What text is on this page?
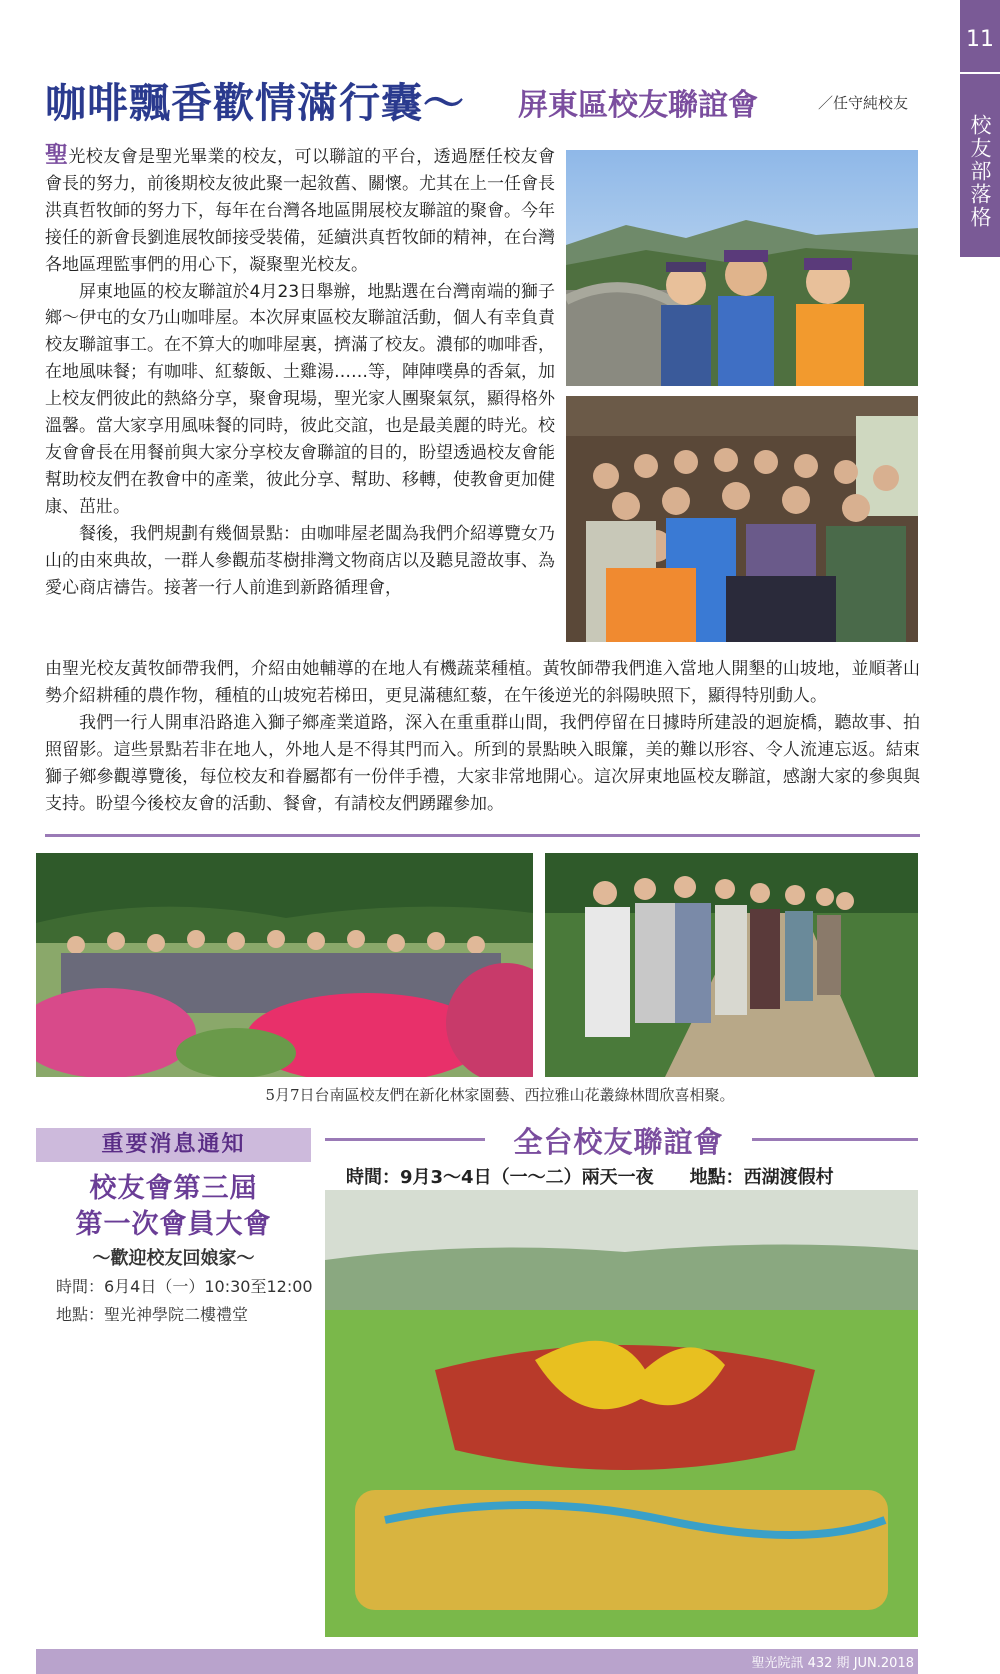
11
校友部落格
咖啡飄香歡情滿行囊～ 屏東區校友聯誼會	／任守純校友

聖光校友會是聖光畢業的校友，可以聯誼的平台，透過歷任校友會會長的努力，前後期校友彼此聚一起敘舊、關懷。尤其在上一任會長洪真哲牧師的努力下，每年在台灣各地區開展校友聯誼的聚會。今年接任的新會長劉進展牧師接受裝備，延續洪真哲牧師的精神，在台灣各地區理監事們的用心下，凝聚聖光校友。

屏東地區的校友聯誼於4月23日舉辦，地點選在台灣南端的獅子鄉～伊屯的女乃山咖啡屋。本次屏東區校友聯誼活動，個人有幸負責校友聯誼事工。在不算大的咖啡屋裏，擠滿了校友。濃郁的咖啡香，在地風味餐；有咖啡、紅藜飯、土雞湯……等，陣陣噗鼻的香氣，加上校友們彼此的熱絡分享，聚會現場，聖光家人團聚氣氛，顯得格外溫馨。當大家享用風味餐的同時，彼此交誼，也是最美麗的時光。校友會會長在用餐前與大家分享校友會聯誼的目的，盼望透過校友會能幫助校友們在教會中的產業，彼此分享、幫助、移轉，使教會更加健康、茁壯。

餐後，我們規劃有幾個景點：由咖啡屋老闆為我們介紹導覽女乃山的由來典故，一群人參觀茄苳樹排灣文物商店以及聽見證故事、為愛心商店禱告。接著一行人前進到新路循理會，

由聖光校友黃牧師帶我們，介紹由她輔導的在地人有機蔬菜種植。黃牧師帶我們進入當地人開墾的山坡地，並順著山勢介紹耕種的農作物，種植的山坡宛若梯田，更見滿穗紅藜，在午後逆光的斜陽映照下，顯得特別動人。

我們一行人開車沿路進入獅子鄉產業道路，深入在重重群山間，我們停留在日據時所建設的迴旋橋，聽故事、拍照留影。這些景點若非在地人，外地人是不得其門而入。所到的景點映入眼簾，美的難以形容、令人流連忘返。結束獅子鄉參觀導覽後，每位校友和眷屬都有一份伴手禮，大家非常地開心。這次屏東地區校友聯誼，感謝大家的參與與支持。盼望今後校友會的活動、餐會，有請校友們踴躍參加。

5月7日台南區校友們在新化林家園藝、西拉雅山花叢綠林間欣喜相聚。
重要消息通知
校友會第三屆
第一次會員大會
～歡迎校友回娘家～
時間：6月4日（一）10:30至12:00
地點：聖光神學院二樓禮堂
全台校友聯誼會
時間：9月3～4日（一～二）兩天一夜　　地點：西湖渡假村
聖光院訊 432 期 JUN.2018
